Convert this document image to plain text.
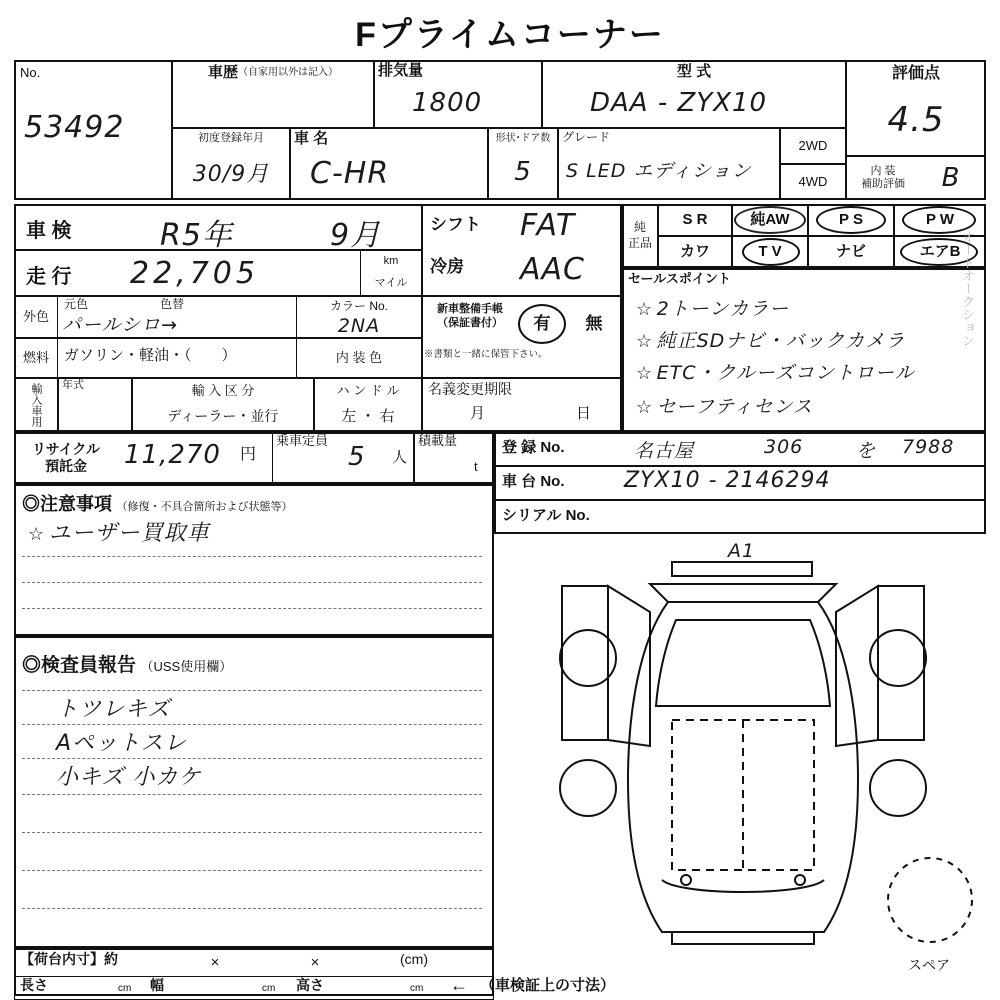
Fプライムコーナー
No.
53492
車歴 （自家用以外は記入）	排気量
1800
型 式
DAA - ZYX10
初度登録年月
30/9月
車 名
C-HR
形状･ドア数
5
グレード
S LED エディション
2WD
4WD
評価点
4.5
内 装
補助評価 B
車 検	R5年	9月
走 行	22,705	km
マイル
外色
元色	色替
パールシロ→
カラー No.
2NA
燃料 ガソリン・軽油・（　　）	内 装 色
輸入車用 年式	輸 入 区 分
ディーラー・並行
ハ ン ド ル
左 ・ 右
シフト	FAT
冷房	AAC
新車整備手帳
（保証書付）
※書類と一緒に保管下さい。
有 無
名義変更期限
月	日
純
正品
S R	純AW	P S	P W
カワ	T V	ナビ	エアB
セールスポイント
☆ 2トーンカラー
☆ 純正SDナビ・バックカメラ
☆ ETC・クルーズコントロール
☆ セーフティセンス
リサイクル
預託金 11,270	円
乗車定員
5	人
積載量
t
登 録 No.	名古屋	306	を	7988
車 台 No.	ZYX10 - 2146294
シリアル No.
◎注意事項 （修復・不具合箇所および状態等）
☆ ユーザー買取車
◎検査員報告 （USS使用欄）
トツレキズ
Aペットスレ
小キズ 小カケ
A1
スペア
【荷台内寸】約	×	×	(cm)
長さ	cm	幅	cm	高さ	cm	← （車検証上の寸法）
オートオークション
